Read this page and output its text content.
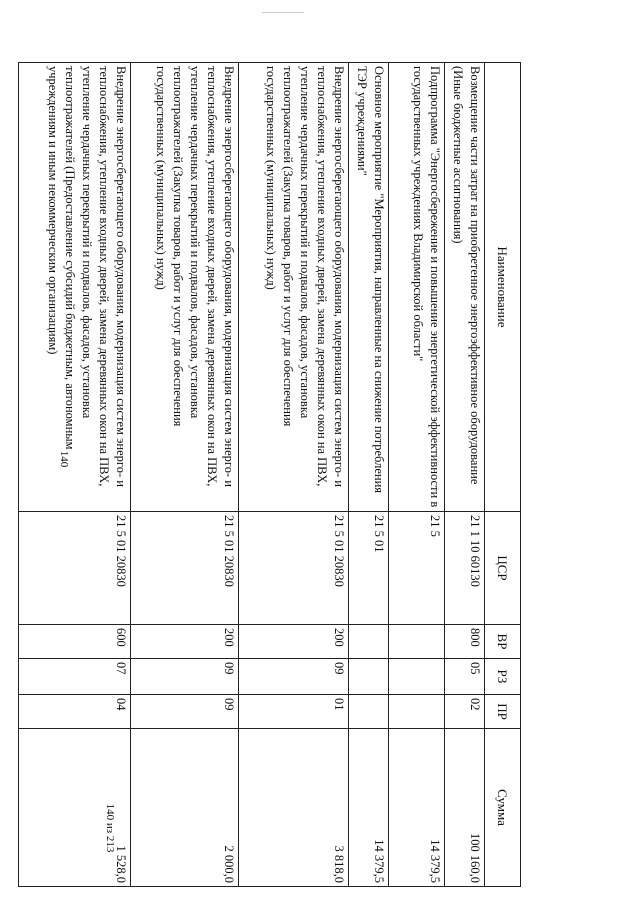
140
Наименование	ЦСР	ВР	РЗ	ПР	Сумма
Возмещение части затрат на приобретенное энергоэффективное оборудование (Иные бюджетные ассигнования)	21 1 10 60130	800	05	02	100 160,0
Подпрограмма "Энергосбережение и повышение энергетической эффективности в государственных учреждениях Владимирской области"	21 5				14 379,5
Основное мероприятие "Мероприятия, направленные на снижение потребления ТЭР учреждениями"	21 5 01				14 379,5
Внедрение энергосберегающего оборудования, модернизация систем энерго- и теплоснабжения, утепление входных дверей, замена деревянных окон на ПВХ, утепление чердачных перекрытий и подвалов, фасадов, установка теплоотражателей (Закупка товаров, работ и услуг для обеспечения государственных (муниципальных) нужд)	21 5 01 20830	200	09	01	3 818,0
Внедрение энергосберегающего оборудования, модернизация систем энерго- и теплоснабжения, утепление входных дверей, замена деревянных окон на ПВХ, утепление чердачных перекрытий и подвалов, фасадов, установка теплоотражателей (Закупка товаров, работ и услуг для обеспечения государственных (муниципальных) нужд)	21 5 01 20830	200	09	09	2 000,0
Внедрение энергосберегающего оборудования, модернизация систем энерго- и теплоснабжения, утепление входных дверей, замена деревянных окон на ПВХ, утепление чердачных перекрытий и подвалов, фасадов, установка теплоотражателей (Предоставление субсидий бюджетным, автономным учреждениям и иным некоммерческим организациям)	21 5 01 20830	600	07	04	1 528,0
140 из 213
